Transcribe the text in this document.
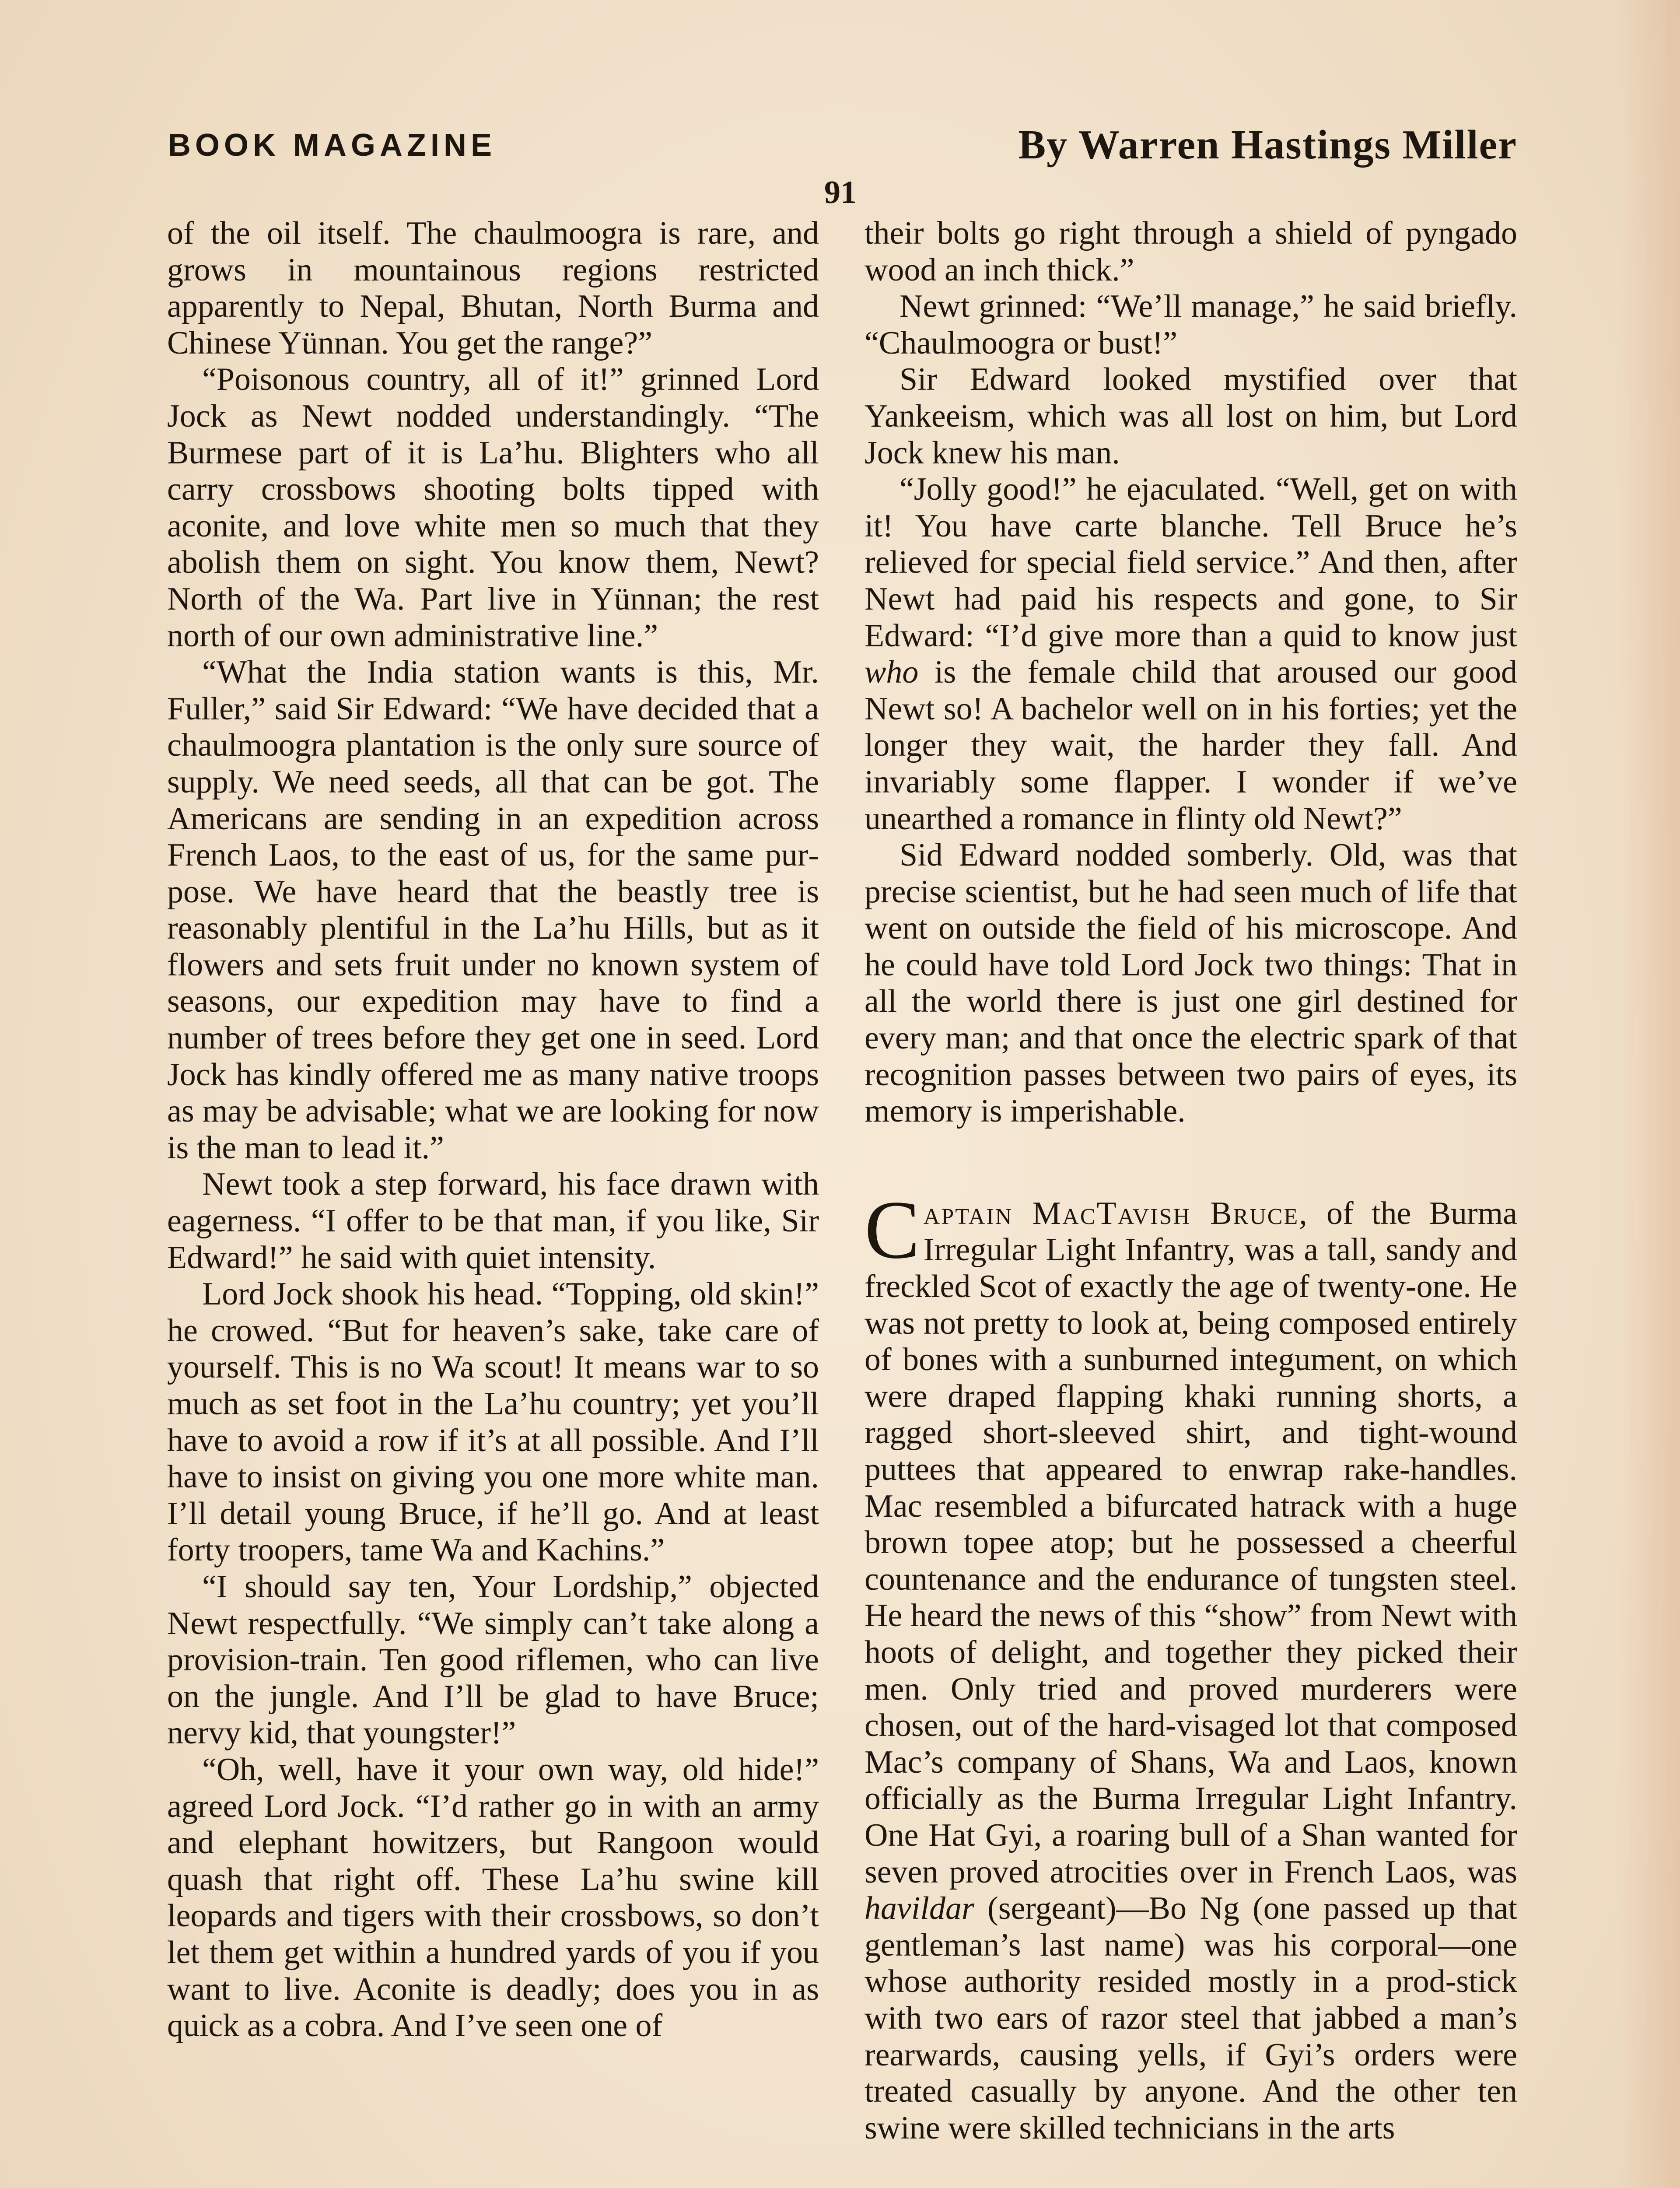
BOOK MAGAZINE	By Warren Hastings Miller
91

of the oil itself. The chaulmoogra is rare, and grows in mountainous regions restricted apparently to Nepal, Bhutan, North Burma and Chinese Yünnan. You get the range?”

“Poisonous country, all of it!” grinned Lord Jock as Newt nodded understandingly. “The Burmese part of it is La’hu. Blighters who all carry crossbows shooting bolts tipped with aconite, and love white men so much that they abolish them on sight. You know them, Newt? North of the Wa. Part live in Yünnan; the rest north of our own administrative line.”

“What the India station wants is this, Mr. Fuller,” said Sir Edward: “We have decided that a chaulmoogra plantation is the only sure source of supply. We need seeds, all that can be got. The Americans are sending in an expedition across French Laos, to the east of us, for the same purpose. We have heard that the beastly tree is reasonably plentiful in the La’hu Hills, but as it flowers and sets fruit under no known system of seasons, our expedition may have to find a number of trees before they get one in seed. Lord Jock has kindly offered me as many native troops as may be advisable; what we are looking for now is the man to lead it.”

Newt took a step forward, his face drawn with eagerness. “I offer to be that man, if you like, Sir Edward!” he said with quiet intensity.

Lord Jock shook his head. “Topping, old skin!” he crowed. “But for heaven’s sake, take care of yourself. This is no Wa scout! It means war to so much as set foot in the La’hu country; yet you’ll have to avoid a row if it’s at all possible. And I’ll have to insist on giving you one more white man. I’ll detail young Bruce, if he’ll go. And at least forty troopers, tame Wa and Kachins.”

“I should say ten, Your Lordship,” objected Newt respectfully. “We simply can’t take along a provision-train. Ten good riflemen, who can live on the jungle. And I’ll be glad to have Bruce; nervy kid, that youngster!”

“Oh, well, have it your own way, old hide!” agreed Lord Jock. “I’d rather go in with an army and elephant howitzers, but Rangoon would quash that right off. These La’hu swine kill leopards and tigers with their crossbows, so don’t let them get within a hundred yards of you if you want to live. Aconite is deadly; does you in as quick as a cobra. And I’ve seen one of

their bolts go right through a shield of pyngado wood an inch thick.”

Newt grinned: “We’ll manage,” he said briefly. “Chaulmoogra or bust!”

Sir Edward looked mystified over that Yankeeism, which was all lost on him, but Lord Jock knew his man.

“Jolly good!” he ejaculated. “Well, get on with it! You have carte blanche. Tell Bruce he’s relieved for special field service.” And then, after Newt had paid his respects and gone, to Sir Edward: “I’d give more than a quid to know just who is the female child that aroused our good Newt so! A bachelor well on in his forties; yet the longer they wait, the harder they fall. And invariably some flapper. I wonder if we’ve unearthed a romance in flinty old Newt?”

Sid Edward nodded somberly. Old, was that precise scientist, but he had seen much of life that went on outside the field of his microscope. And he could have told Lord Jock two things: That in all the world there is just one girl destined for every man; and that once the electric spark of that recognition passes between two pairs of eyes, its memory is imperishable.

Captain MacTavish Bruce, of the Burma Irregular Light Infantry, was a tall, sandy and freckled Scot of exactly the age of twenty-one. He was not pretty to look at, being composed entirely of bones with a sunburned integument, on which were draped flapping khaki running shorts, a ragged short-sleeved shirt, and tight-wound puttees that appeared to enwrap rake-handles. Mac resembled a bifurcated hatrack with a huge brown topee atop; but he possessed a cheerful countenance and the endurance of tungsten steel. He heard the news of this “show” from Newt with hoots of delight, and together they picked their men. Only tried and proved murderers were chosen, out of the hard-visaged lot that composed Mac’s company of Shans, Wa and Laos, known officially as the Burma Irregular Light Infantry. One Hat Gyi, a roaring bull of a Shan wanted for seven proved atrocities over in French Laos, was havildar (sergeant)—Bo Ng (one passed up that gentleman’s last name) was his corporal—one whose authority resided mostly in a prod-stick with two ears of razor steel that jabbed a man’s rearwards, causing yells, if Gyi’s orders were treated casually by anyone. And the other ten swine were skilled technicians in the arts
